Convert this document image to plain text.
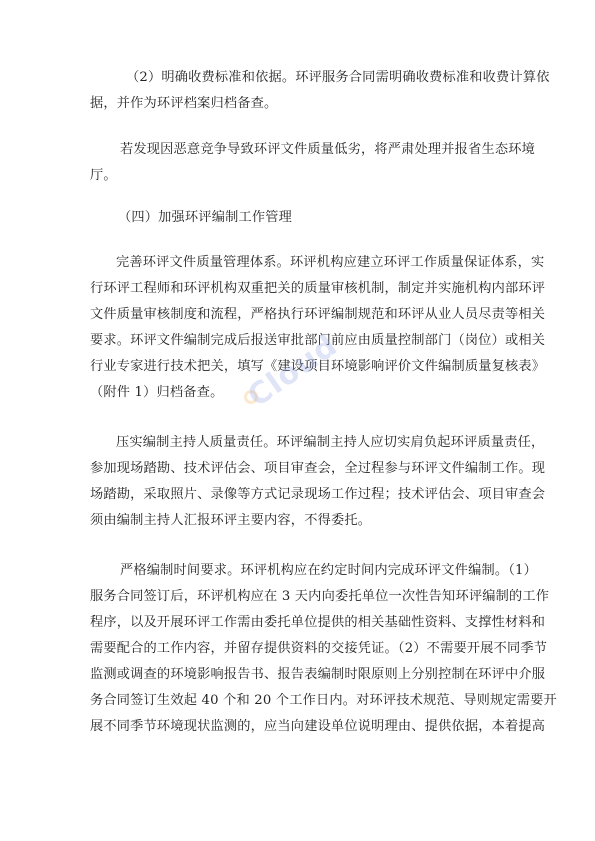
（2）明确收费标准和依据。环评服务合同需明确收费标准和收费计算依
据，并作为环评档案归档备查。
若发现因恶意竞争导致环评文件质量低劣，将严肃处理并报省生态环境
厅。
（四）加强环评编制工作管理
完善环评文件质量管理体系。环评机构应建立环评工作质量保证体系，实
行环评工程师和环评机构双重把关的质量审核机制，制定并实施机构内部环评
文件质量审核制度和流程，严格执行环评编制规范和环评从业人员尽责等相关
要求。环评文件编制完成后报送审批部门前应由质量控制部门（岗位）或相关
行业专家进行技术把关，填写《建设项目环境影响评价文件编制质量复核表》
（附件 1）归档备查。
压实编制主持人质量责任。环评编制主持人应切实肩负起环评质量责任，
参加现场踏勘、技术评估会、项目审查会，全过程参与环评文件编制工作。现
场踏勘，采取照片、录像等方式记录现场工作过程；技术评估会、项目审查会
须由编制主持人汇报环评主要内容，不得委托。
严格编制时间要求。环评机构应在约定时间内完成环评文件编制。（1）
服务合同签订后，环评机构应在 3 天内向委托单位一次性告知环评编制的工作
程序，以及开展环评工作需由委托单位提供的相关基础性资料、支撑性材料和
需要配合的工作内容，并留存提供资料的交接凭证。（2）不需要开展不同季节
监测或调查的环境影响报告书、报告表编制时限原则上分别控制在环评中介服
务合同签订生效起 40 个和 20 个工作日内。对环评技术规范、导则规定需要开
展不同季节环境现状监测的，应当向建设单位说明理由、提供依据，本着提高
Cloud
